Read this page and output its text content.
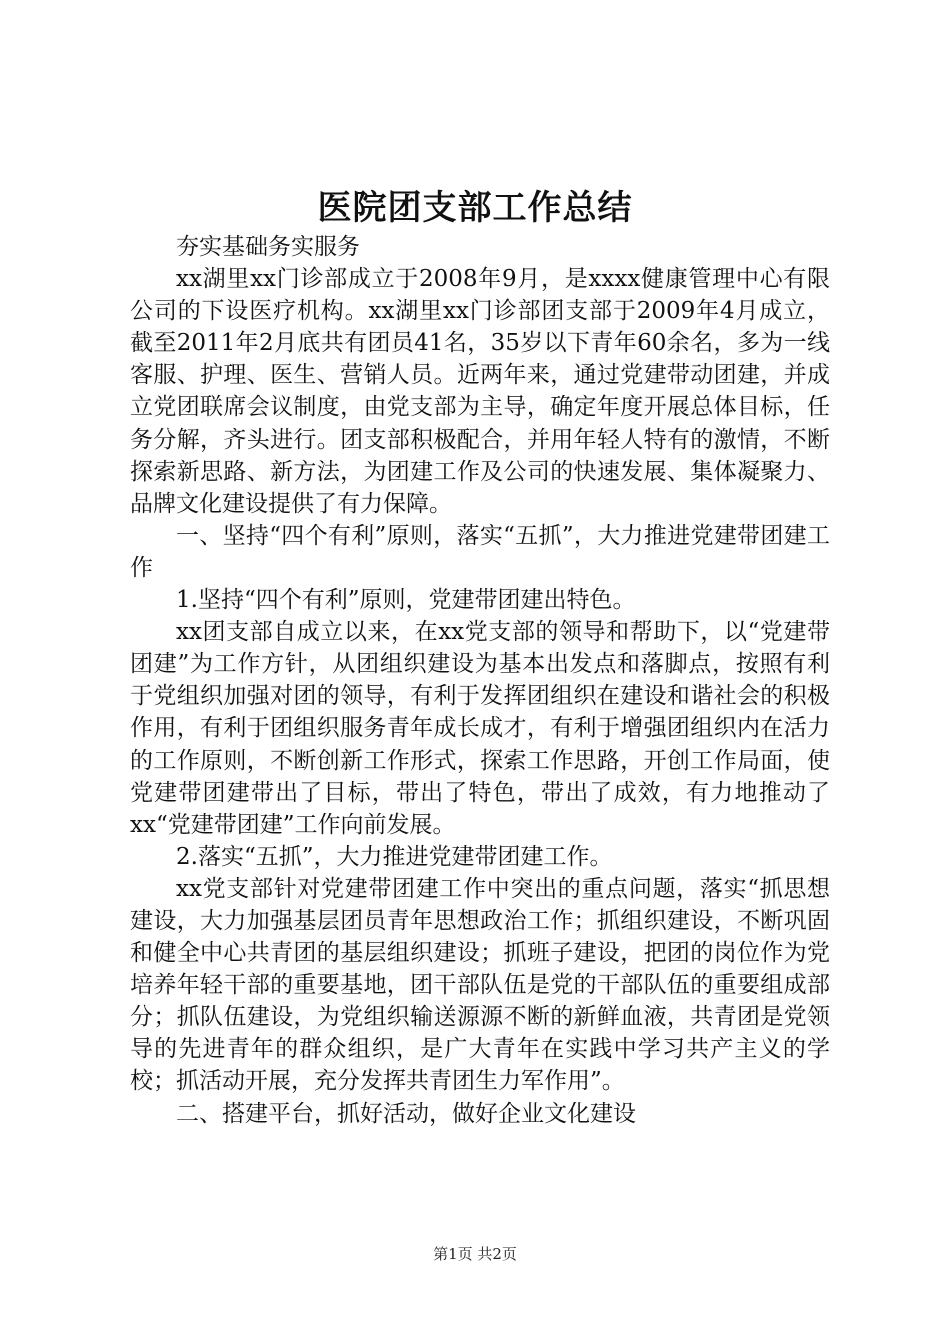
医院团支部工作总结

夯实基础务实服务

xx湖里xx门诊部成立于2008年9月，是xxxx健康管理中心有限公司的下设医疗机构。xx湖里xx门诊部团支部于2009年4月成立，截至2011年2月底共有团员41名，35岁以下青年60余名，多为一线客服、护理、医生、营销人员。近两年来，通过党建带动团建，并成立党团联席会议制度，由党支部为主导，确定年度开展总体目标，任务分解，齐头进行。团支部积极配合，并用年轻人特有的激情，不断探索新思路、新方法，为团建工作及公司的快速发展、集体凝聚力、品牌文化建设提供了有力保障。

一、坚持“四个有利”原则，落实“五抓”，大力推进党建带团建工作

1.坚持“四个有利”原则，党建带团建出特色。

xx团支部自成立以来，在xx党支部的领导和帮助下，以“党建带团建”为工作方针，从团组织建设为基本出发点和落脚点，按照有利于党组织加强对团的领导，有利于发挥团组织在建设和谐社会的积极作用，有利于团组织服务青年成长成才，有利于增强团组织内在活力的工作原则，不断创新工作形式，探索工作思路，开创工作局面，使党建带团建带出了目标，带出了特色，带出了成效，有力地推动了xx“党建带团建”工作向前发展。

2.落实“五抓”，大力推进党建带团建工作。

xx党支部针对党建带团建工作中突出的重点问题，落实“抓思想建设，大力加强基层团员青年思想政治工作；抓组织建设，不断巩固和健全中心共青团的基层组织建设；抓班子建设，把团的岗位作为党培养年轻干部的重要基地，团干部队伍是党的干部队伍的重要组成部分；抓队伍建设，为党组织输送源源不断的新鲜血液，共青团是党领导的先进青年的群众组织，是广大青年在实践中学习共产主义的学校；抓活动开展，充分发挥共青团生力军作用”。

二、搭建平台，抓好活动，做好企业文化建设

第1页 共2页
